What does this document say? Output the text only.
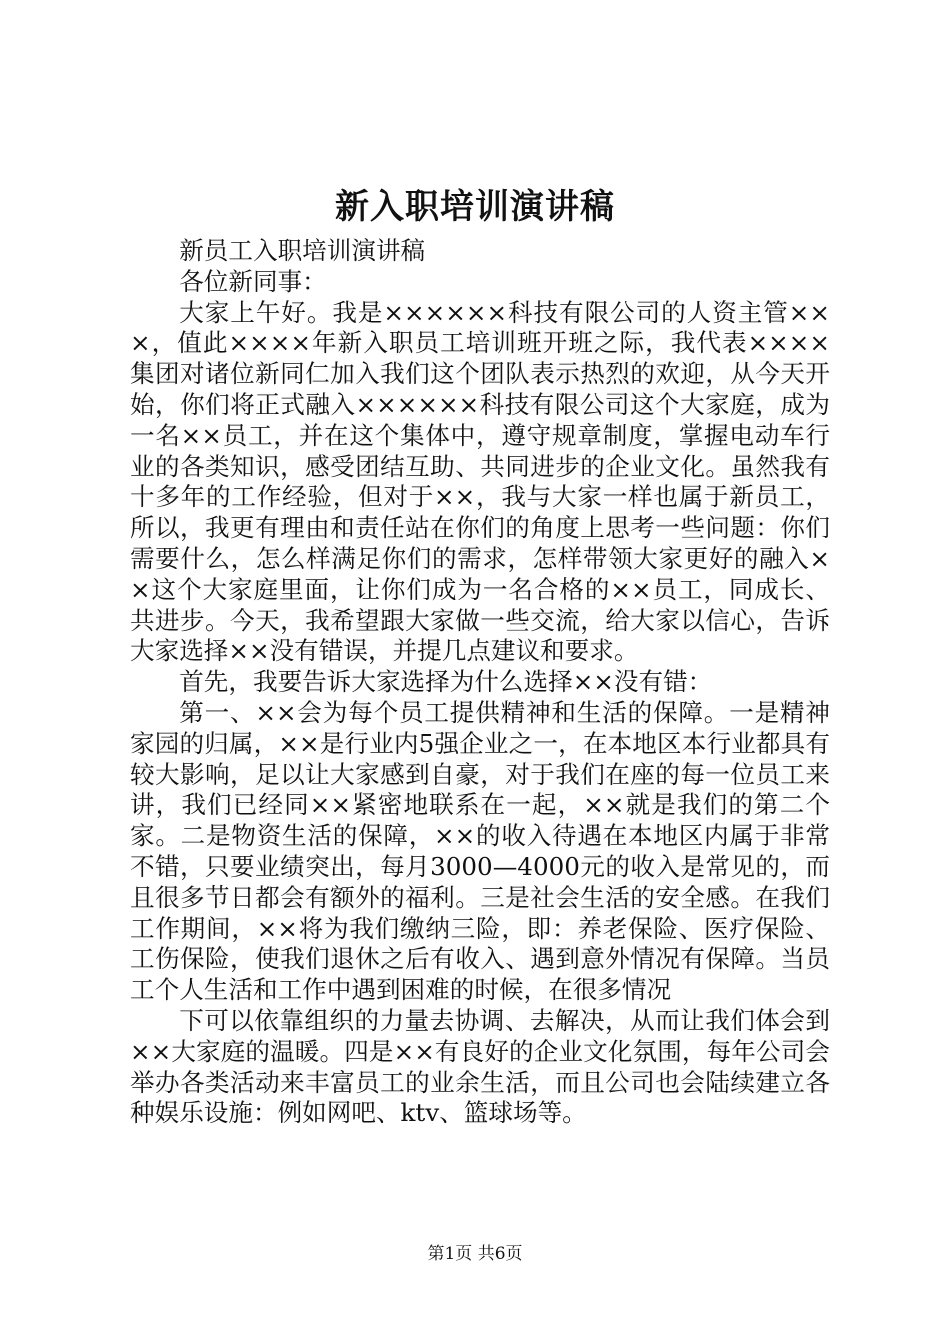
新入职培训演讲稿

新员工入职培训演讲稿

各位新同事：

大家上午好。我是××××××科技有限公司的人资主管×××，值此××××年新入职员工培训班开班之际，我代表××××集团对诸位新同仁加入我们这个团队表示热烈的欢迎，从今天开始，你们将正式融入××××××科技有限公司这个大家庭，成为一名××员工，并在这个集体中，遵守规章制度，掌握电动车行业的各类知识，感受团结互助、共同进步的企业文化。虽然我有十多年的工作经验，但对于××，我与大家一样也属于新员工，所以，我更有理由和责任站在你们的角度上思考一些问题：你们需要什么，怎么样满足你们的需求，怎样带领大家更好的融入××这个大家庭里面，让你们成为一名合格的××员工，同成长、共进步。今天，我希望跟大家做一些交流，给大家以信心，告诉大家选择××没有错误，并提几点建议和要求。

首先，我要告诉大家选择为什么选择××没有错：

第一、××会为每个员工提供精神和生活的保障。一是精神家园的归属，××是行业内5强企业之一，在本地区本行业都具有较大影响，足以让大家感到自豪，对于我们在座的每一位员工来讲，我们已经同××紧密地联系在一起，××就是我们的第二个家。二是物资生活的保障，××的收入待遇在本地区内属于非常不错，只要业绩突出，每月3000—4000元的收入是常见的，而且很多节日都会有额外的福利。三是社会生活的安全感。在我们工作期间，××将为我们缴纳三险，即：养老保险、医疗保险、工伤保险，使我们退休之后有收入、遇到意外情况有保障。当员工个人生活和工作中遇到困难的时候，在很多情况

下可以依靠组织的力量去协调、去解决，从而让我们体会到××大家庭的温暖。四是××有良好的企业文化氛围，每年公司会举办各类活动来丰富员工的业余生活，而且公司也会陆续建立各种娱乐设施：例如网吧、ktv、篮球场等。

第1页 共6页
